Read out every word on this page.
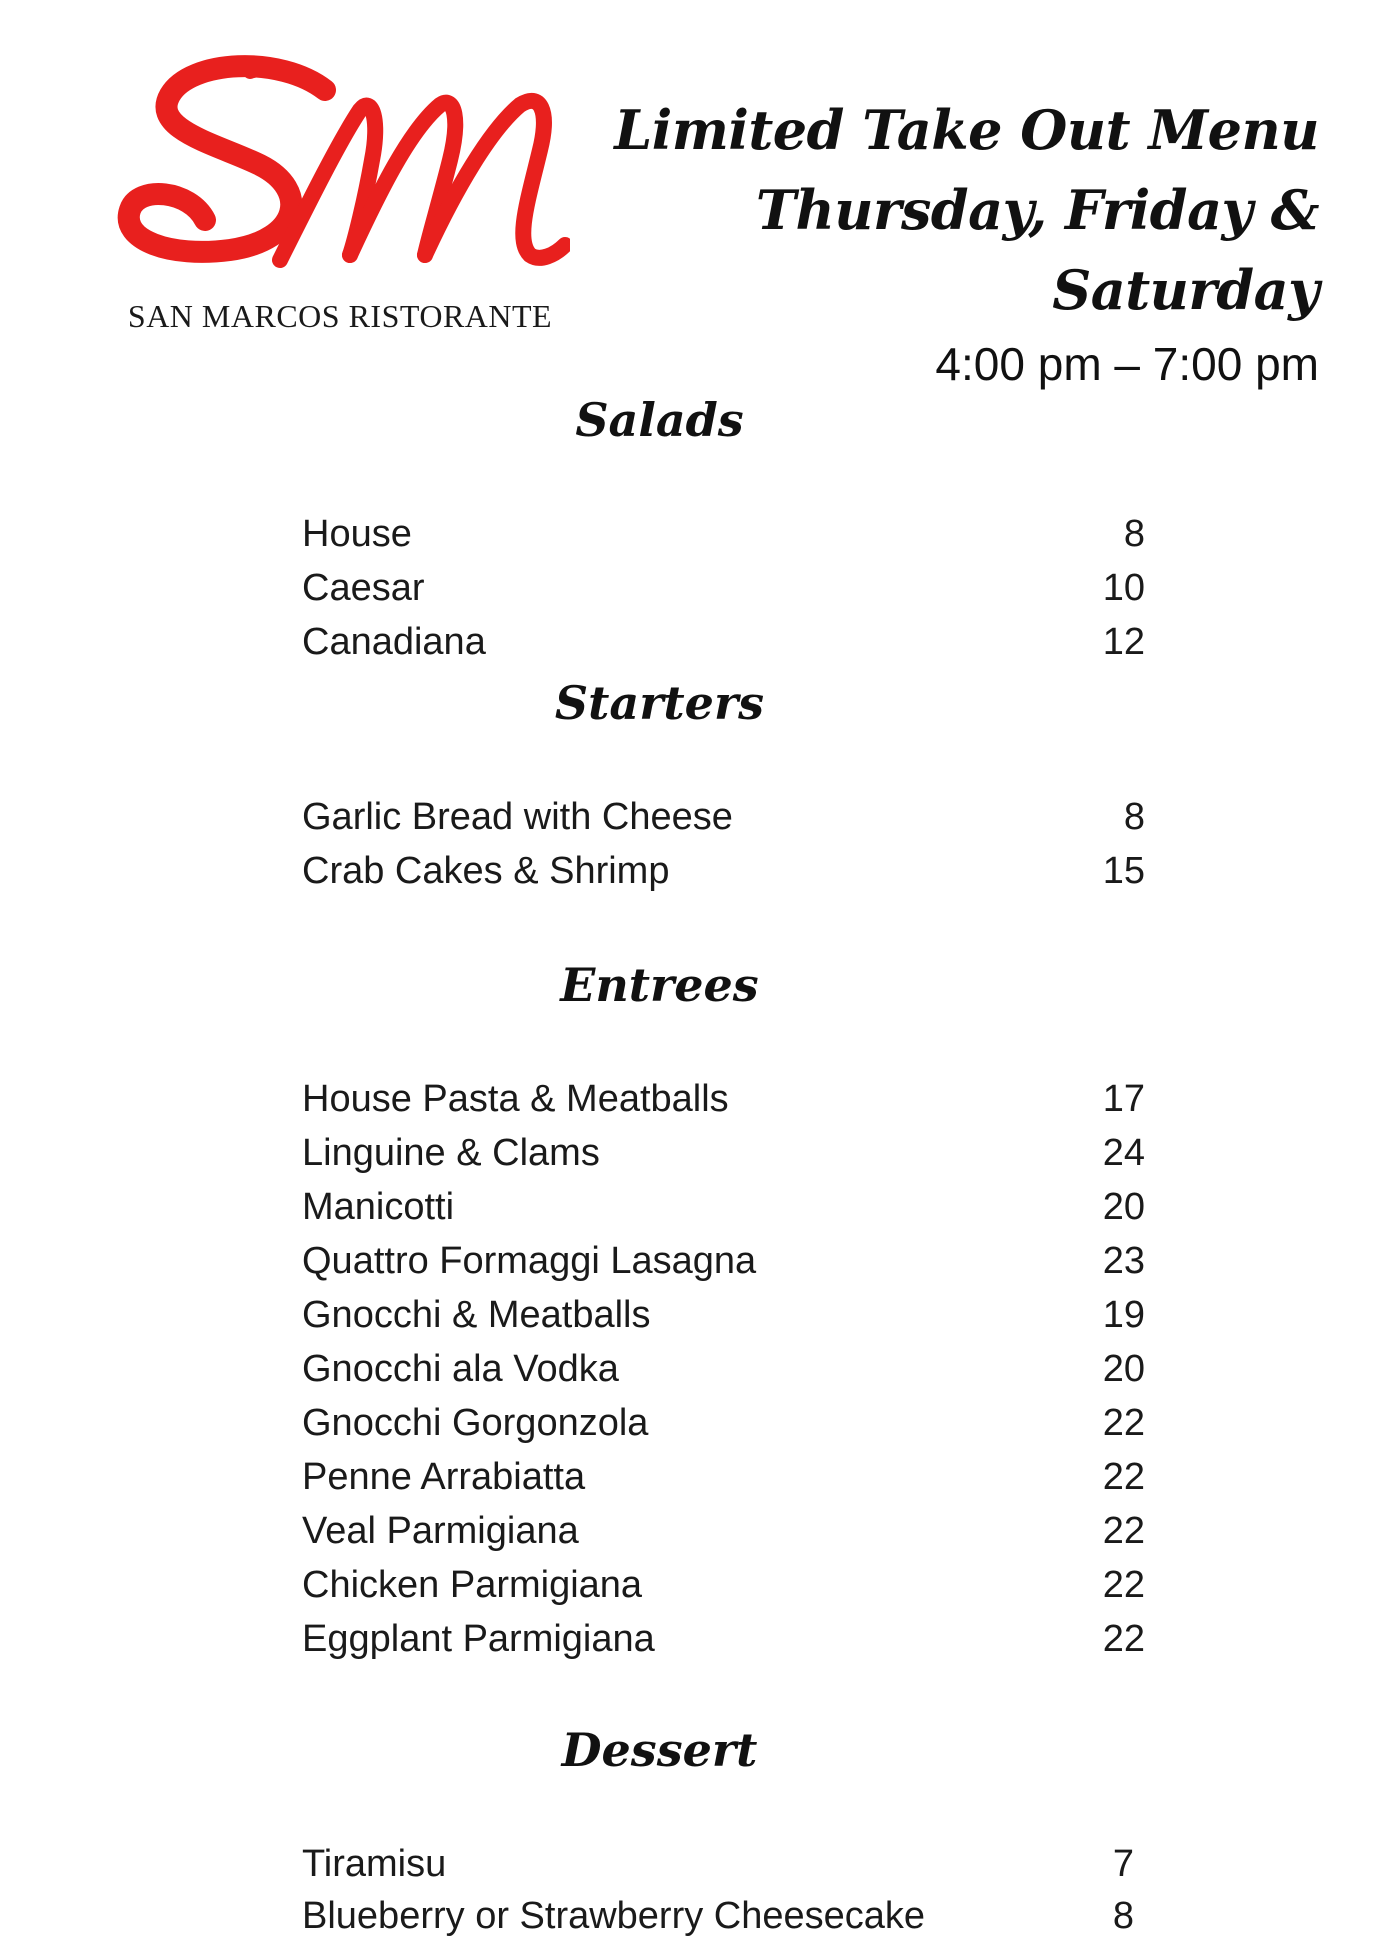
SAN MARCOS RISTORANTE
Limited Take Out Menu
Thursday, Friday & Saturday
4:00 pm – 7:00 pm
Salads
House	8
Caesar	10
Canadiana	12
Starters
Garlic Bread with Cheese	8
Crab Cakes & Shrimp	15
Entrees
House Pasta & Meatballs	17
Linguine & Clams	24
Manicotti	20
Quattro Formaggi Lasagna	23
Gnocchi & Meatballs	19
Gnocchi ala Vodka	20
Gnocchi Gorgonzola	22
Penne Arrabiatta	22
Veal Parmigiana	22
Chicken Parmigiana	22
Eggplant Parmigiana	22
Dessert
Tiramisu	7
Blueberry or Strawberry Cheesecake	8
